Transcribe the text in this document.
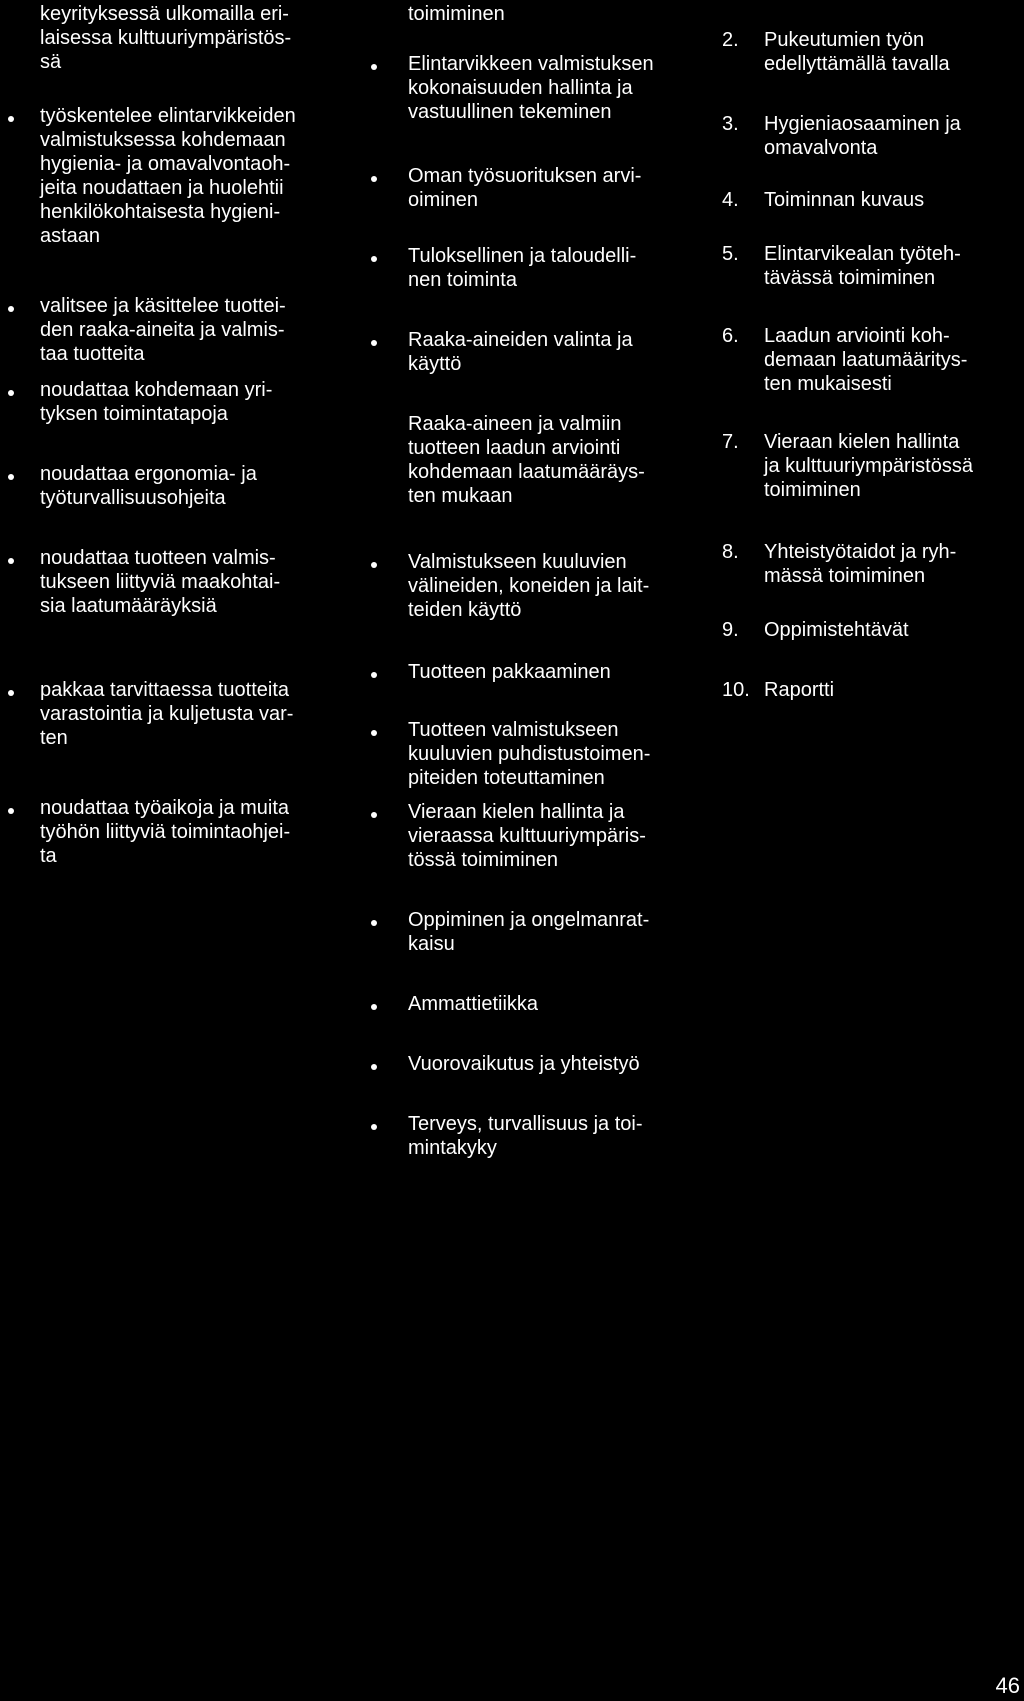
keyrityksessä ulkomailla eri-
laisessa kulttuuriympäristös-
sä

työskentelee elintarvikkeiden
valmistuksessa kohdemaan
hygienia- ja omavalvontaoh-
jeita noudattaen ja huolehtii
henkilökohtaisesta hygieni-
astaan

valitsee ja käsittelee tuottei-
den raaka-aineita ja valmis-
taa tuotteita

noudattaa kohdemaan yri-
tyksen toimintatapoja

noudattaa ergonomia- ja
työturvallisuusohjeita

noudattaa tuotteen valmis-
tukseen liittyviä maakohtai-
sia laatumääräyksiä

pakkaa tarvittaessa tuotteita
varastointia ja kuljetusta var-
ten

noudattaa työaikoja ja muita
työhön liittyviä toimintaohjei-
ta

toimiminen

Elintarvikkeen valmistuksen
kokonaisuuden hallinta ja
vastuullinen tekeminen

Oman työsuorituksen arvi-
oiminen

Tuloksellinen ja taloudelli-
nen toiminta

Raaka-aineiden valinta ja
käyttö

Raaka-aineen ja valmiin
tuotteen laadun arviointi
kohdemaan laatumääräys-
ten mukaan

Valmistukseen kuuluvien
välineiden, koneiden ja lait-
teiden käyttö

Tuotteen pakkaaminen

Tuotteen valmistukseen
kuuluvien puhdistustoimen-
piteiden toteuttaminen

Vieraan kielen hallinta ja
vieraassa kulttuuriympäris-
tössä toimiminen

Oppiminen ja ongelmanrat-
kaisu

Ammattietiikka

Vuorovaikutus ja yhteistyö

Terveys, turvallisuus ja toi-
mintakyky

2. Pukeutumien työn
edellyttämällä tavalla

3. Hygieniaosaaminen ja
omavalvonta

4. Toiminnan kuvaus

5. Elintarvikealan työteh-
tävässä toimiminen

6. Laadun arviointi koh-
demaan laatumääritys-
ten mukaisesti

7. Vieraan kielen hallinta
ja kulttuuriympäristössä
toimiminen

8. Yhteistyötaidot ja ryh-
mässä toimiminen

9. Oppimistehtävät

10. Raportti

46
